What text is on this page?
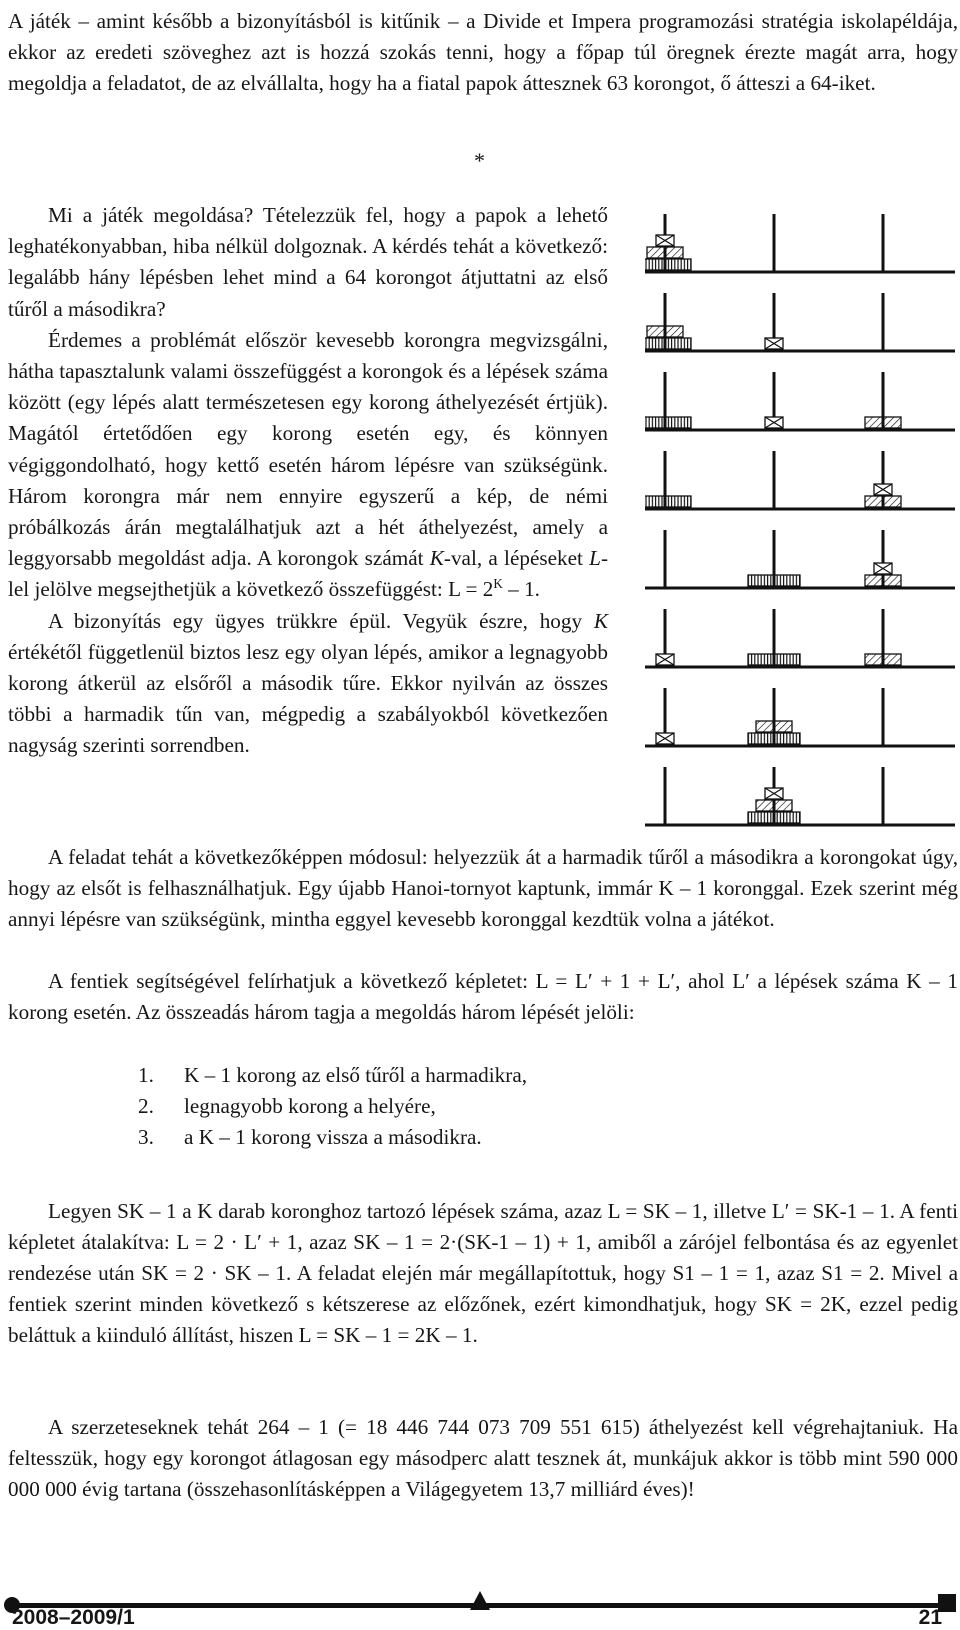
A játék – amint később a bizonyításból is kitűnik – a Divide et Impera programozási stratégia iskolapéldája, ekkor az eredeti szöveghez azt is hozzá szokás tenni, hogy a főpap túl öregnek érezte magát arra, hogy megoldja a feladatot, de az elvállalta, hogy ha a fiatal papok áttesznek 63 korongot, ő átteszi a 64-iket.

*

Mi a játék megoldása? Tételezzük fel, hogy a papok a lehető leghatékonyabban, hiba nélkül dolgoznak. A kérdés tehát a következő: legalább hány lépésben lehet mind a 64 korongot átjuttatni az első tűről a másodikra?

Érdemes a problémát először kevesebb korongra megvizsgálni, hátha tapasztalunk valami összefüggést a korongok és a lépések száma között (egy lépés alatt természetesen egy korong áthelyezését értjük). Magától értetődően egy korong esetén egy, és könnyen végiggondolható, hogy kettő esetén három lépésre van szükségünk. Három korongra már nem ennyire egyszerű a kép, de némi próbálkozás árán megtalálhatjuk azt a hét áthelyezést, amely a leggyorsabb megoldást adja. A korongok számát K-val, a lépéseket L-lel jelölve megsejthetjük a következő összefüggést: $L = 2^K - 1$.

A bizonyítás egy ügyes trükkre épül. Vegyük észre, hogy K értékétől függetlenül biztos lesz egy olyan lépés, amikor a legnagyobb korong átkerül az elsőről a második tűre. Ekkor nyilván az összes többi a harmadik tűn van, mégpedig a szabályokból következően nagyság szerinti sorrendben.

A feladat tehát a következőképpen módosul: helyezzük át a harmadik tűről a másodikra a korongokat úgy, hogy az elsőt is felhasználhatjuk. Egy újabb Hanoi-tornyot kaptunk, immár K – 1 koronggal. Ezek szerint még annyi lépésre van szükségünk, mintha eggyel kevesebb koronggal kezdtük volna a játékot.

A fentiek segítségével felírhatjuk a következő képletet: L = L′ + 1 + L′, ahol L′ a lépések száma K – 1 korong esetén. Az összeadás három tagja a megoldás három lépését jelöli:

1.	K – 1 korong az első tűről a harmadikra,
2.	legnagyobb korong a helyére,
3.	a K – 1 korong vissza a másodikra.

Legyen SK – 1 a K darab koronghoz tartozó lépések száma, azaz L = SK – 1, illetve L′ = SK-1 – 1. A fenti képletet átalakítva: L = 2 · L′ + 1, azaz SK – 1 = 2·(SK-1 – 1) + 1, amiből a zárójel felbontása és az egyenlet rendezése után SK = 2 · SK – 1. A feladat elején már megállapítottuk, hogy S1 – 1 = 1, azaz S1 = 2. Mivel a fentiek szerint minden következő s kétszerese az előzőnek, ezért kimondhatjuk, hogy SK = 2K, ezzel pedig beláttuk a kiinduló állítást, hiszen L = SK – 1 = 2K – 1.

A szerzeteseknek tehát 264 – 1 (= 18 446 744 073 709 551 615) áthelyezést kell végrehajtaniuk. Ha feltesszük, hogy egy korongot átlagosan egy másodperc alatt tesznek át, munkájuk akkor is több mint 590 000 000 000 évig tartana (összehasonlításképpen a Világegyetem 13,7 milliárd éves)!

2008–2009/1	21
